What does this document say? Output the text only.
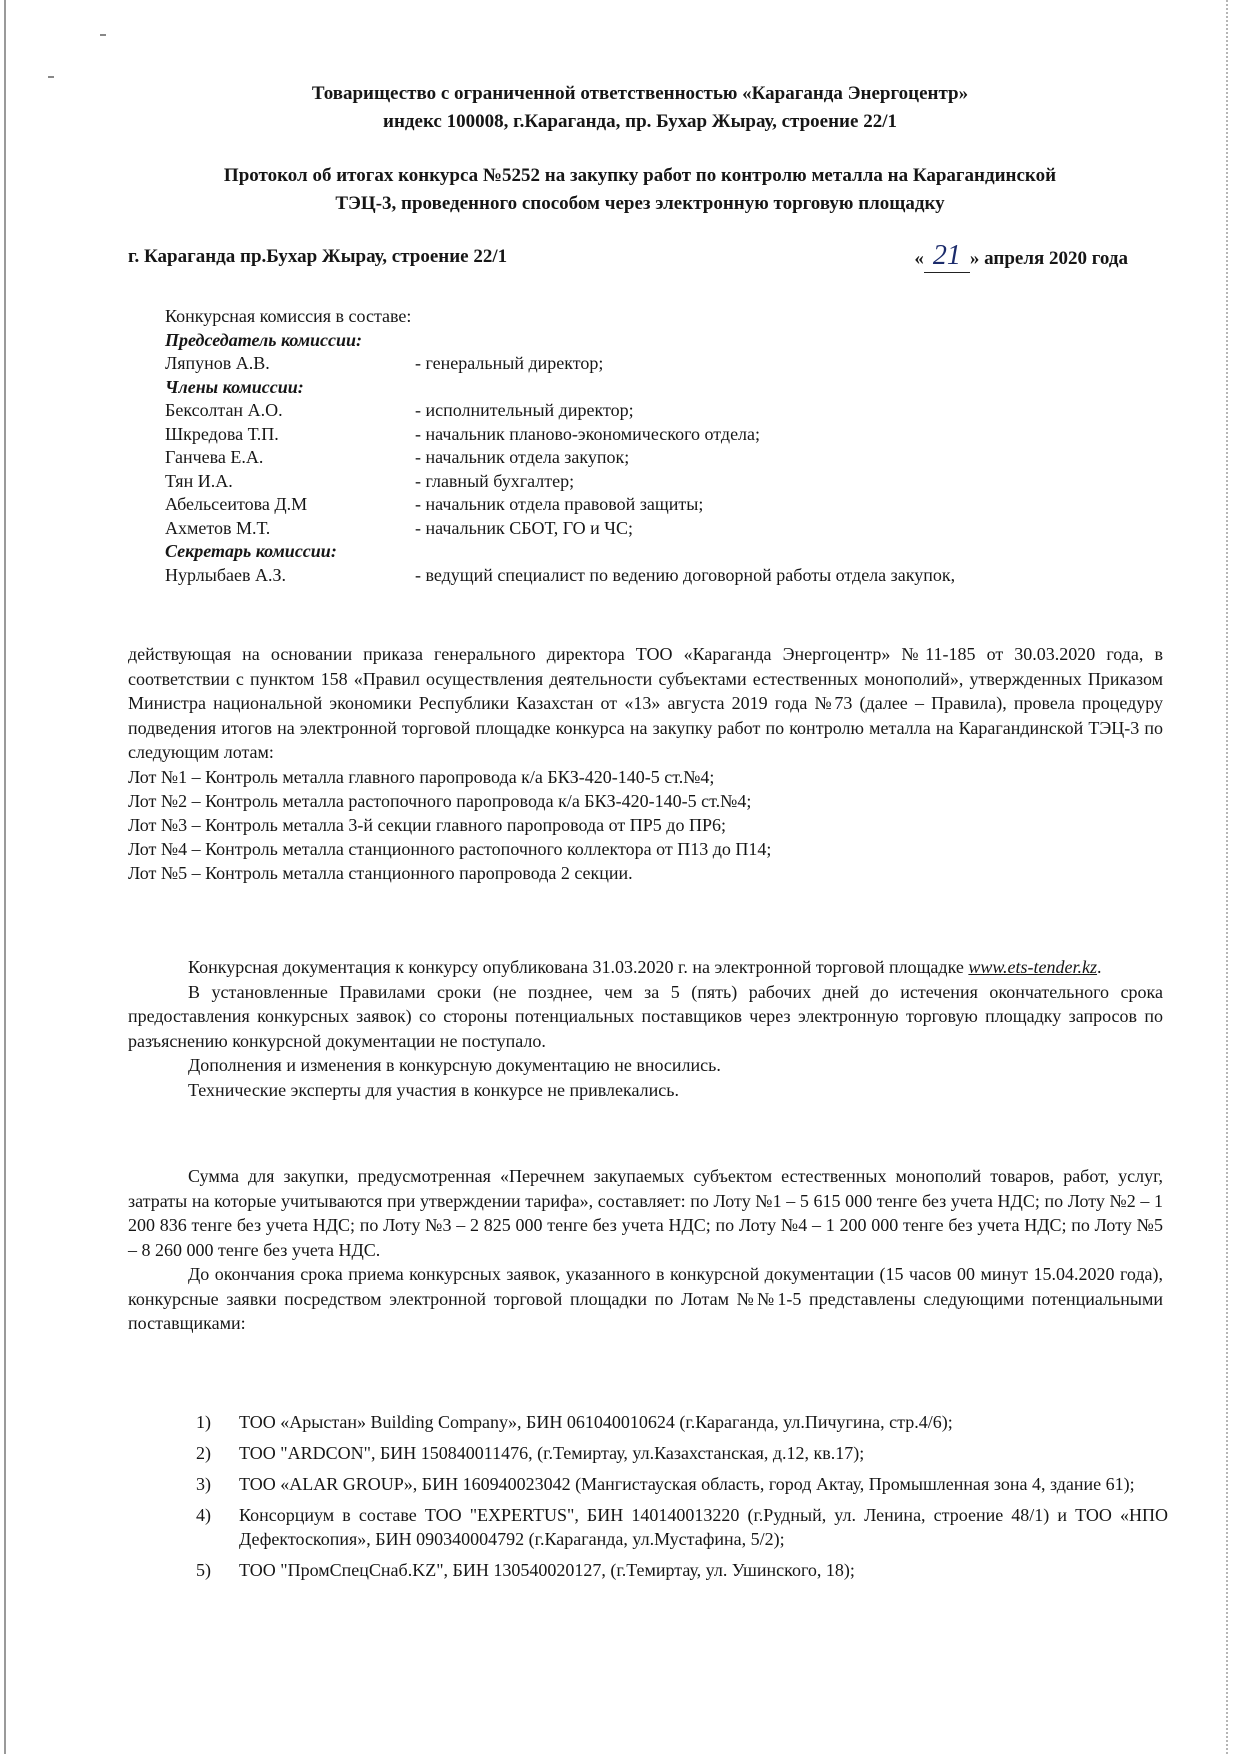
Товарищество с ограниченной ответственностью «Караганда Энергоцентр»
индекс 100008, г.Караганда, пр. Бухар Жырау, строение 22/1
Протокол об итогах конкурса №5252 на закупку работ по контролю металла на Карагандинской
ТЭЦ-3, проведенного способом через электронную торговую площадку
г. Караганда пр.Бухар Жырау, строение 22/1	« 21 » апреля 2020 года
Конкурсная комиссия в составе:
Председатель комиссии:
Ляпунов А.В.	- генеральный директор;
Члены комиссии:
Бексолтан А.О.	- исполнительный директор;
Шкредова Т.П.	- начальник планово-экономического отдела;
Ганчева Е.А.	- начальник отдела закупок;
Тян И.А.	- главный бухгалтер;
Абельсеитова Д.М	- начальник отдела правовой защиты;
Ахметов М.Т.	- начальник СБОТ, ГО и ЧС;
Секретарь комиссии:
Нурлыбаев А.З.	- ведущий специалист по ведению договорной работы отдела закупок,
действующая на основании приказа генерального директора ТОО «Караганда Энергоцентр» №11-185 от 30.03.2020 года, в соответствии с пунктом 158 «Правил осуществления деятельности субъектами естественных монополий», утвержденных Приказом Министра национальной экономики Республики Казахстан от «13» августа 2019 года №73 (далее – Правила), провела процедуру подведения итогов на электронной торговой площадке конкурса на закупку работ по контролю металла на Карагандинской ТЭЦ-3 по следующим лотам:
Лот №1 – Контроль металла главного паропровода к/а БКЗ-420-140-5 ст.№4;
Лот №2 – Контроль металла растопочного паропровода к/а БКЗ-420-140-5 ст.№4;
Лот №3 – Контроль металла 3-й секции главного паропровода от ПР5 до ПР6;
Лот №4 – Контроль металла станционного растопочного коллектора от П13 до П14;
Лот №5 – Контроль металла станционного паропровода 2 секции.
Конкурсная документация к конкурсу опубликована 31.03.2020 г. на электронной торговой площадке www.ets-tender.kz.
В установленные Правилами сроки (не позднее, чем за 5 (пять) рабочих дней до истечения окончательного срока предоставления конкурсных заявок) со стороны потенциальных поставщиков через электронную торговую площадку запросов по разъяснению конкурсной документации не поступало.
Дополнения и изменения в конкурсную документацию не вносились.
Технические эксперты для участия в конкурсе не привлекались.
Сумма для закупки, предусмотренная «Перечнем закупаемых субъектом естественных монополий товаров, работ, услуг, затраты на которые учитываются при утверждении тарифа», составляет: по Лоту №1 – 5 615 000 тенге без учета НДС; по Лоту №2 – 1 200 836 тенге без учета НДС; по Лоту №3 – 2 825 000 тенге без учета НДС; по Лоту №4 – 1 200 000 тенге без учета НДС; по Лоту №5 – 8 260 000 тенге без учета НДС.
До окончания срока приема конкурсных заявок, указанного в конкурсной документации (15 часов 00 минут 15.04.2020 года), конкурсные заявки посредством электронной торговой площадки по Лотам №№1-5 представлены следующими потенциальными поставщиками:
1) ТОО «Арыстан» Building Company», БИН 061040010624 (г.Караганда, ул.Пичугина, стр.4/6);
2) ТОО "ARDCON", БИН 150840011476, (г.Темиртау, ул.Казахстанская, д.12, кв.17);
3) ТОО «ALAR GROUP», БИН 160940023042 (Мангистауская область, город Актау, Промышленная зона 4, здание 61);
4) Консорциум в составе ТОО "EXPERTUS", БИН 140140013220 (г.Рудный, ул. Ленина, строение 48/1) и ТОО «НПО Дефектоскопия», БИН 090340004792 (г.Караганда, ул.Мустафина, 5/2);
5) ТОО "ПромСпецСнаб.KZ", БИН 130540020127, (г.Темиртау, ул. Ушинского, 18);
